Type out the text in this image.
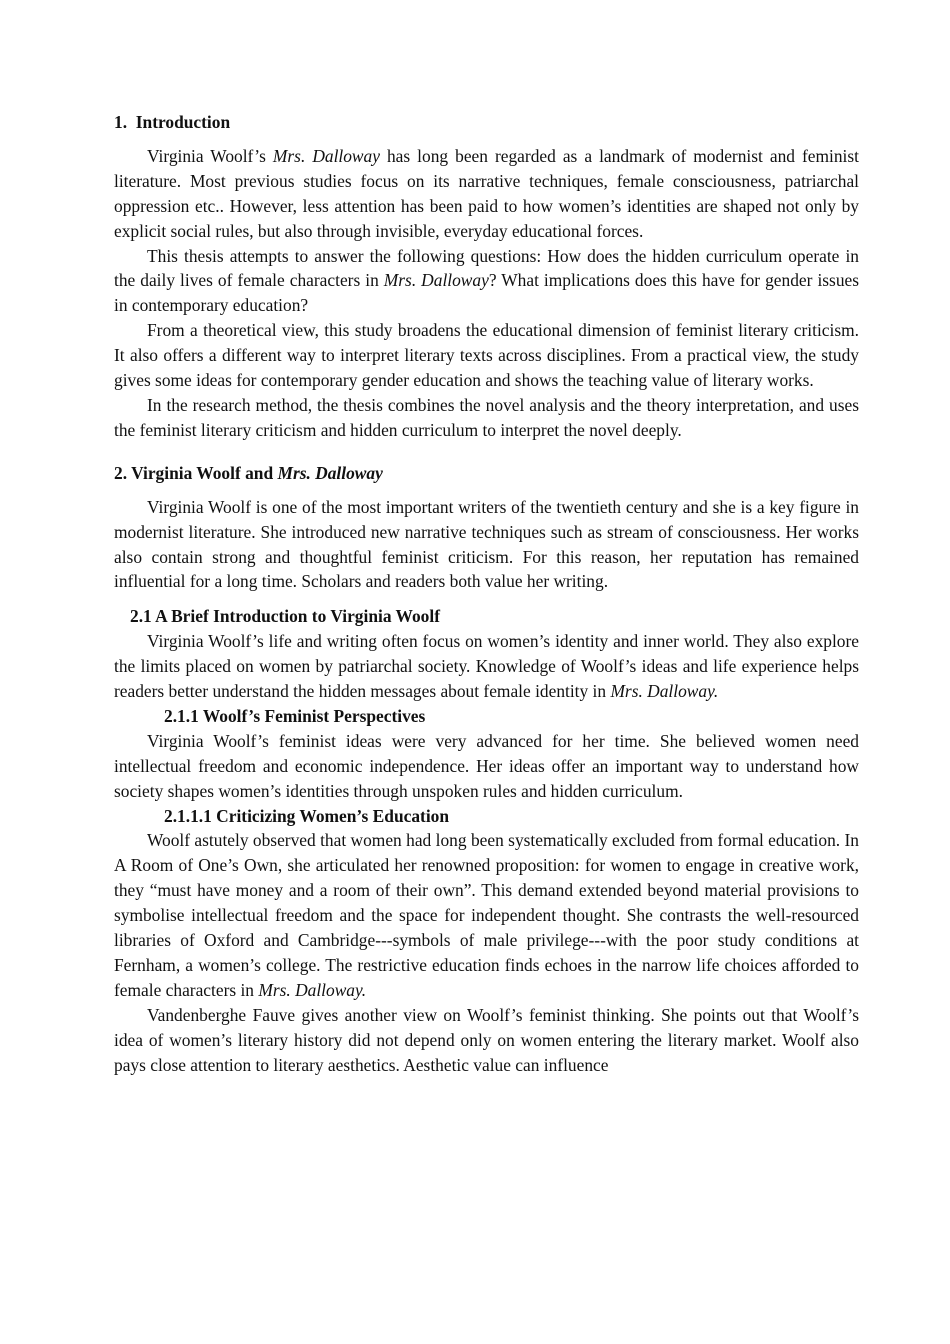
1. Introduction

Virginia Woolf’s Mrs. Dalloway has long been regarded as a landmark of modernist and feminist literature. Most previous studies focus on its narrative techniques, female consciousness, patriarchal oppression etc.. However, less attention has been paid to how women’s identities are shaped not only by explicit social rules, but also through invisible, everyday educational forces.

This thesis attempts to answer the following questions: How does the hidden curriculum operate in the daily lives of female characters in Mrs. Dalloway? What implications does this have for gender issues in contemporary education?

From a theoretical view, this study broadens the educational dimension of feminist literary criticism. It also offers a different way to interpret literary texts across disciplines. From a practical view, the study gives some ideas for contemporary gender education and shows the teaching value of literary works.

In the research method, the thesis combines the novel analysis and the theory interpretation, and uses the feminist literary criticism and hidden curriculum to interpret the novel deeply.

2. Virginia Woolf and Mrs. Dalloway

Virginia Woolf is one of the most important writers of the twentieth century and she is a key figure in modernist literature. She introduced new narrative techniques such as stream of consciousness. Her works also contain strong and thoughtful feminist criticism. For this reason, her reputation has remained influential for a long time. Scholars and readers both value her writing.

2.1 A Brief Introduction to Virginia Woolf

Virginia Woolf’s life and writing often focus on women’s identity and inner world. They also explore the limits placed on women by patriarchal society. Knowledge of Woolf’s ideas and life experience helps readers better understand the hidden messages about female identity in Mrs. Dalloway.

2.1.1 Woolf’s Feminist Perspectives

Virginia Woolf’s feminist ideas were very advanced for her time. She believed women need intellectual freedom and economic independence. Her ideas offer an important way to understand how society shapes women’s identities through unspoken rules and hidden curriculum.

2.1.1.1 Criticizing Women’s Education

Woolf astutely observed that women had long been systematically excluded from formal education. In A Room of One’s Own, she articulated her renowned proposition: for women to engage in creative work, they “must have money and a room of their own”. This demand extended beyond material provisions to symbolise intellectual freedom and the space for independent thought. She contrasts the well-resourced libraries of Oxford and Cambridge---symbols of male privilege---with the poor study conditions at Fernham, a women’s college. The restrictive education finds echoes in the narrow life choices afforded to female characters in Mrs. Dalloway.

Vandenberghe Fauve gives another view on Woolf’s feminist thinking. She points out that Woolf’s idea of women’s literary history did not depend only on women entering the literary market. Woolf also pays close attention to literary aesthetics. Aesthetic value can influence
